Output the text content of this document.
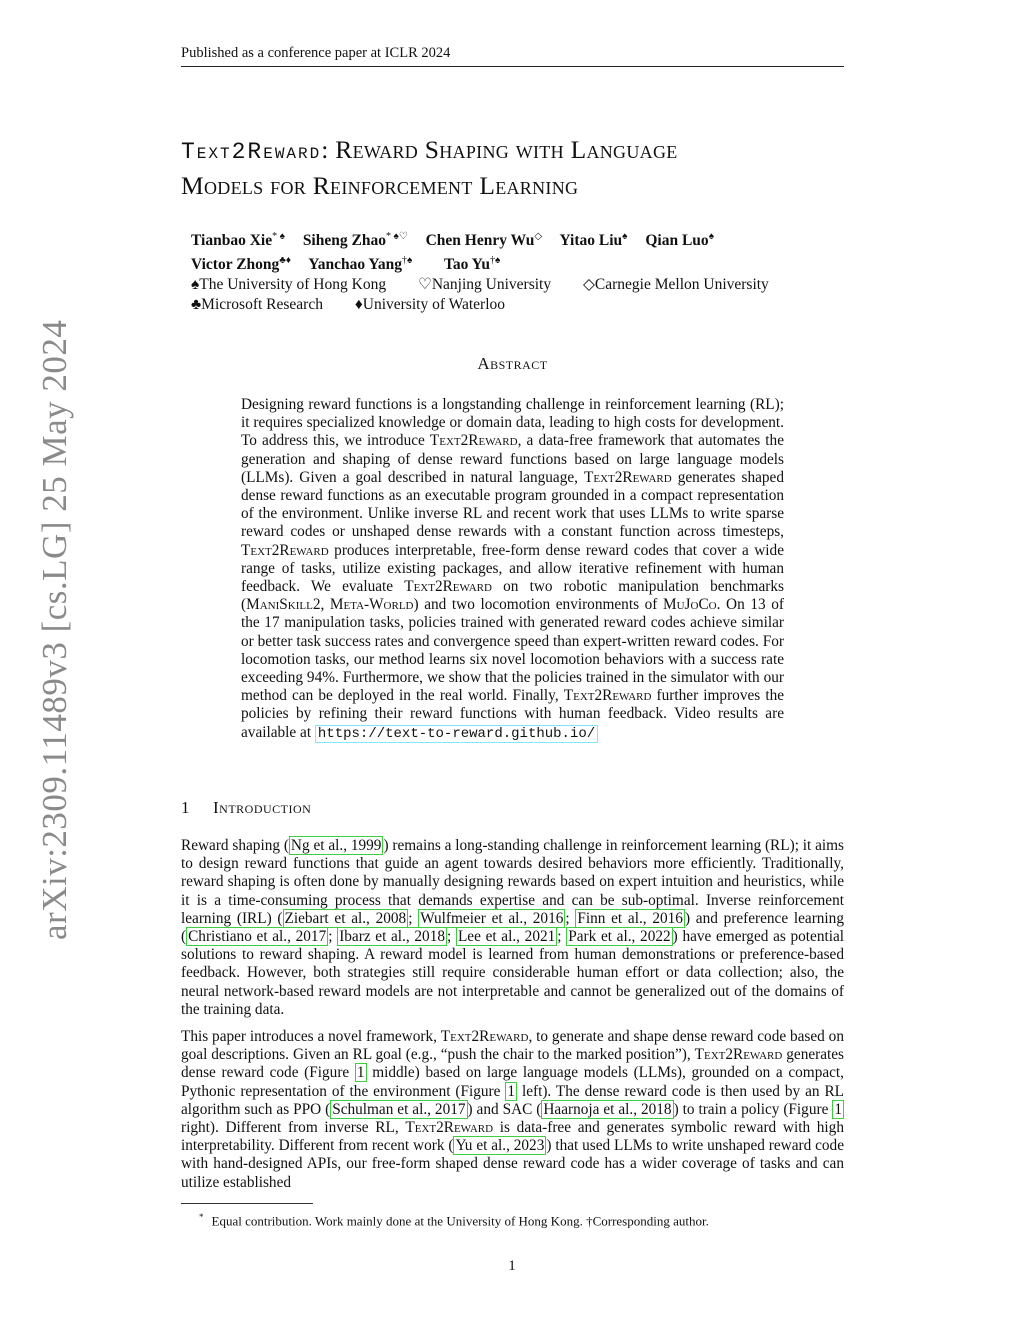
Published as a conference paper at ICLR 2024
Text2Reward: Reward Shaping with Language
Models for Reinforcement Learning
Tianbao Xie* ♠ Siheng Zhao* ♠♡ Chen Henry Wu◇ Yitao Liu♠ Qian Luo♠
Victor Zhong♣♦ Yanchao Yang†♠ Tao Yu†♠
♠The University of Hong Kong ♡Nanjing University ◇Carnegie Mellon University
♣Microsoft Research ♦University of Waterloo
arXiv:2309.11489v3 [cs.LG] 25 May 2024	Abstract
Designing reward functions is a longstanding challenge in reinforcement learning (RL); it requires specialized knowledge or domain data, leading to high costs for development. To address this, we introduce Text2Reward, a data-free framework that automates the generation and shaping of dense reward functions based on large language models (LLMs). Given a goal described in natural language, Text2Reward generates shaped dense reward functions as an executable program grounded in a compact representation of the environment. Unlike inverse RL and recent work that uses LLMs to write sparse reward codes or unshaped dense rewards with a constant function across timesteps, Text2Reward produces interpretable, free-form dense reward codes that cover a wide range of tasks, utilize existing packages, and allow iterative refinement with human feedback. We evaluate Text2Reward on two robotic manipulation benchmarks (ManiSkill2, Meta-World) and two locomotion environments of MuJoCo. On 13 of the 17 manipulation tasks, policies trained with generated reward codes achieve similar or better task success rates and convergence speed than expert-written reward codes. For locomotion tasks, our method learns six novel locomotion behaviors with a success rate exceeding 94%. Furthermore, we show that the policies trained in the simulator with our method can be deployed in the real world. Finally, Text2Reward further improves the policies by refining their reward functions with human feedback. Video results are available at https://text-to-reward.github.io/
1 Introduction

Reward shaping ( Ng et al., 1999 ) remains a long-standing challenge in reinforcement learning (RL); it aims to design reward functions that guide an agent towards desired behaviors more efficiently. Traditionally, reward shaping is often done by manually designing rewards based on expert intuition and heuristics, while it is a time-consuming process that demands expertise and can be sub-optimal. Inverse reinforcement learning (IRL) ( Ziebart et al., 2008 ; Wulfmeier et al., 2016 ; Finn et al., 2016 ) and preference learning ( Christiano et al., 2017 ; Ibarz et al., 2018 ; Lee et al., 2021 ; Park et al., 2022 ) have emerged as potential solutions to reward shaping. A reward model is learned from human demonstrations or preference-based feedback. However, both strategies still require considerable human effort or data collection; also, the neural network-based reward models are not interpretable and cannot be generalized out of the domains of the training data.

This paper introduces a novel framework, Text2Reward, to generate and shape dense reward code based on goal descriptions. Given an RL goal (e.g., “push the chair to the marked position”), Text2Reward generates dense reward code (Figure 1 middle) based on large language models (LLMs), grounded on a compact, Pythonic representation of the environment (Figure 1 left). The dense reward code is then used by an RL algorithm such as PPO ( Schulman et al., 2017 ) and SAC ( Haarnoja et al., 2018 ) to train a policy (Figure 1 right). Different from inverse RL, Text2Reward is data-free and generates symbolic reward with high interpretability. Different from recent work ( Yu et al., 2023 ) that used LLMs to write unshaped reward code with hand-designed APIs, our free-form shaped dense reward code has a wider coverage of tasks and can utilize established

* Equal contribution. Work mainly done at the University of Hong Kong. †Corresponding author.
1
